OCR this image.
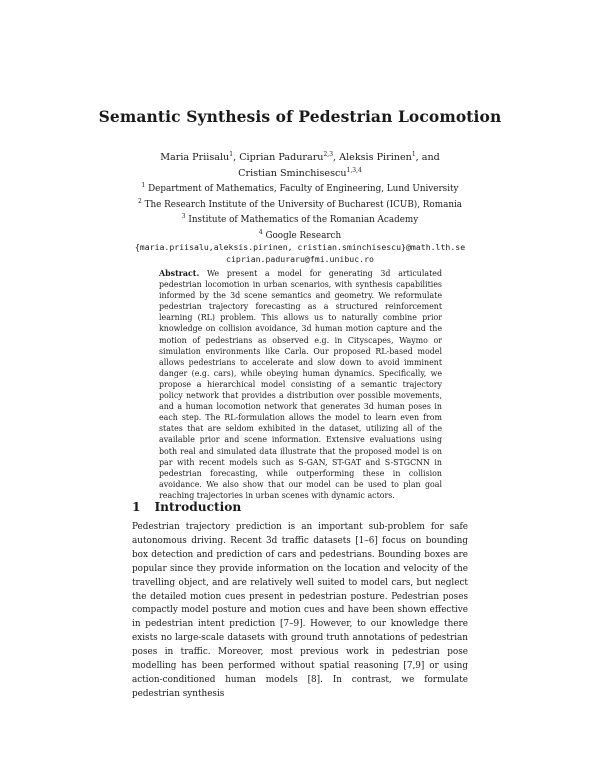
Semantic Synthesis of Pedestrian Locomotion
Maria Priisalu$^1$, Ciprian Paduraru$^{2,3}$, Aleksis Pirinen$^1$, and Cristian Sminchisescu$^{1,3,4}$
$^1$ Department of Mathematics, Faculty of Engineering, Lund University
$^2$ The Research Institute of the University of Bucharest (ICUB), Romania
$^3$ Institute of Mathematics of the Romanian Academy
$^4$ Google Research
{maria.priisalu,aleksis.pirinen, cristian.sminchisescu}@math.lth.se
ciprian.paduraru@fmi.unibuc.ro
Abstract. We present a model for generating 3d articulated pedestrian locomotion in urban scenarios, with synthesis capabilities informed by the 3d scene semantics and geometry. We reformulate pedestrian trajectory forecasting as a structured reinforcement learning (RL) problem. This allows us to naturally combine prior knowledge on collision avoidance, 3d human motion capture and the motion of pedestrians as observed e.g. in Cityscapes, Waymo or simulation environments like Carla. Our proposed RL-based model allows pedestrians to accelerate and slow down to avoid imminent danger (e.g. cars), while obeying human dynamics. Specifically, we propose a hierarchical model consisting of a semantic trajectory policy network that provides a distribution over possible movements, and a human locomotion network that generates 3d human poses in each step. The RL-formulation allows the model to learn even from states that are seldom exhibited in the dataset, utilizing all of the available prior and scene information. Extensive evaluations using both real and simulated data illustrate that the proposed model is on par with recent models such as S-GAN, ST-GAT and S-STGCNN in pedestrian forecasting, while outperforming these in collision avoidance. We also show that our model can be used to plan goal reaching trajectories in urban scenes with dynamic actors.
1 Introduction
Pedestrian trajectory prediction is an important sub-problem for safe autonomous driving. Recent 3d traffic datasets [1–6] focus on bounding box detection and prediction of cars and pedestrians. Bounding boxes are popular since they provide information on the location and velocity of the travelling object, and are relatively well suited to model cars, but neglect the detailed motion cues present in pedestrian posture. Pedestrian poses compactly model posture and motion cues and have been shown effective in pedestrian intent prediction [7–9]. However, to our knowledge there exists no large-scale datasets with ground truth annotations of pedestrian poses in traffic. Moreover, most previous work in pedestrian pose modelling has been performed without spatial reasoning [7,9] or using action-conditioned human models [8]. In contrast, we formulate pedestrian synthesis
